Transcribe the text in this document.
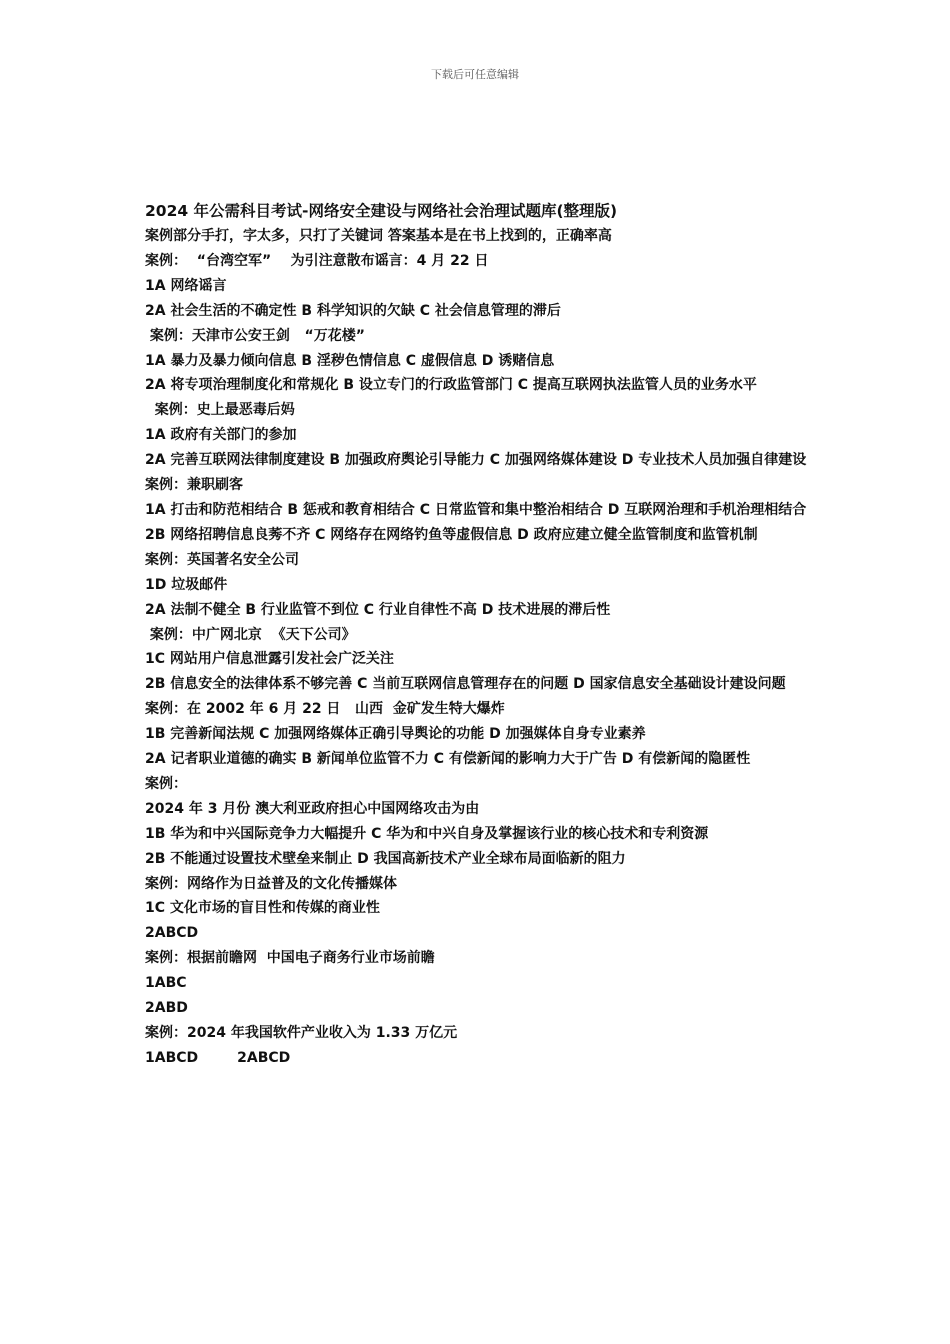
下载后可任意编辑
2024 年公需科目考试-网络安全建设与网络社会治理试题库(整理版)
案例部分手打，字太多，只打了关键词 答案基本是在书上找到的，正确率高
案例：  “台湾空军”    为引注意散布谣言：4 月 22 日
1A 网络谣言
2A 社会生活的不确定性 B 科学知识的欠缺 C 社会信息管理的滞后
案例：天津市公安王剑   “万花楼”
1A 暴力及暴力倾向信息 B 淫秽色情信息 C 虚假信息 D 诱赌信息
2A 将专项治理制度化和常规化 B 设立专门的行政监管部门 C 提高互联网执法监管人员的业务水平
案例：史上最恶毒后妈
1A 政府有关部门的参加
2A 完善互联网法律制度建设 B 加强政府舆论引导能力 C 加强网络媒体建设 D 专业技术人员加强自律建设
案例：兼职刷客
1A 打击和防范相结合 B 惩戒和教育相结合 C 日常监管和集中整治相结合 D 互联网治理和手机治理相结合
2B 网络招聘信息良莠不齐 C 网络存在网络钓鱼等虚假信息 D 政府应建立健全监管制度和监管机制
案例：英国著名安全公司
1D 垃圾邮件
2A 法制不健全 B 行业监管不到位 C 行业自律性不高 D 技术进展的滞后性
案例：中广网北京  《天下公司》
1C 网站用户信息泄露引发社会广泛关注
2B 信息安全的法律体系不够完善 C 当前互联网信息管理存在的问题 D 国家信息安全基础设计建设问题
案例：在 2002 年 6 月 22 日   山西  金矿发生特大爆炸
1B 完善新闻法规 C 加强网络媒体正确引导舆论的功能 D 加强媒体自身专业素养
2A 记者职业道德的确实 B 新闻单位监管不力 C 有偿新闻的影响力大于广告 D 有偿新闻的隐匿性
案例：
2024 年 3 月份 澳大利亚政府担心中国网络攻击为由
1B 华为和中兴国际竞争力大幅提升 C 华为和中兴自身及掌握该行业的核心技术和专利资源
2B 不能通过设置技术壁垒来制止 D 我国高新技术产业全球布局面临新的阻力
案例：网络作为日益普及的文化传播媒体
1C 文化市场的盲目性和传媒的商业性
2ABCD
案例：根据前瞻网  中国电子商务行业市场前瞻
1ABC
2ABD
案例：2024 年我国软件产业收入为 1.33 万亿元
1ABCD        2ABCD
